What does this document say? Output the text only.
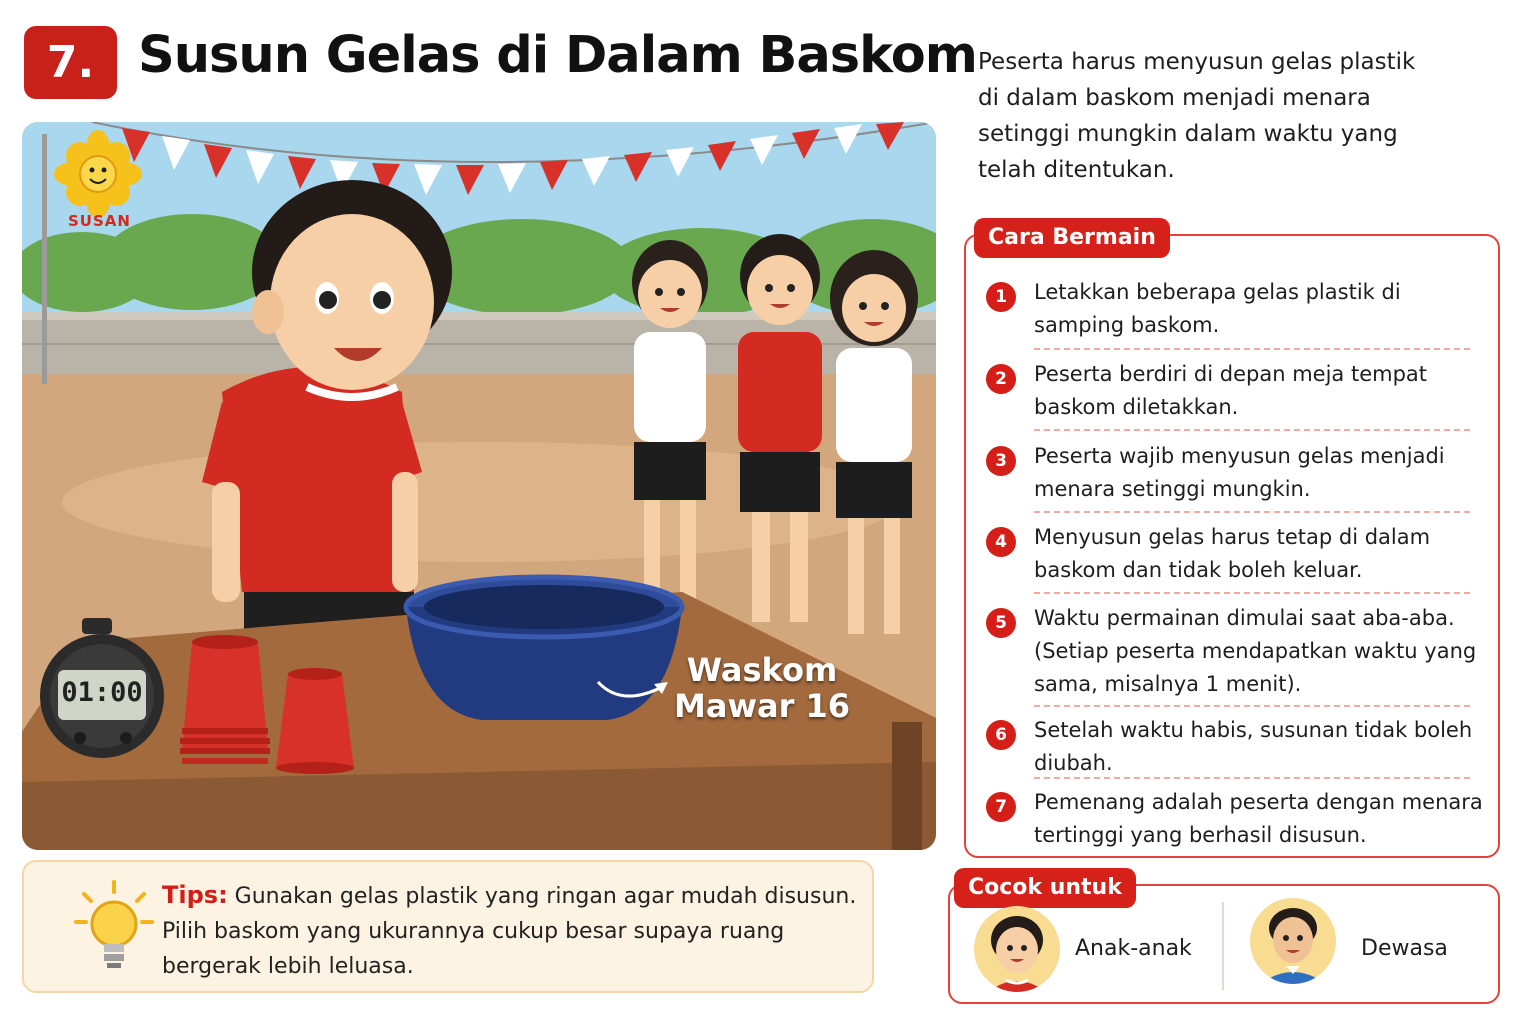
7. Susun Gelas di Dalam Baskom Peserta harus menyusun gelas plastik di dalam baskom menjadi menara setinggi mungkin dalam waktu yang telah ditentukan.

SUSAN
01:00
Waskom
Mawar 16

Tips: Gunakan gelas plastik yang ringan agar mudah disusun. Pilih baskom yang ukurannya cukup besar supaya ruang bergerak lebih leluasa.

Cara Bermain
1	Letakkan beberapa gelas plastik di samping baskom.
2	Peserta berdiri di depan meja tempat baskom diletakkan.
3	Peserta wajib menyusun gelas menjadi menara setinggi mungkin.
4	Menyusun gelas harus tetap di dalam baskom dan tidak boleh keluar.
5	Waktu permainan dimulai saat aba-aba. (Setiap peserta mendapatkan waktu yang sama, misalnya 1 menit).
6	Setelah waktu habis, susunan tidak boleh diubah.
7	Pemenang adalah peserta dengan menara tertinggi yang berhasil disusun.
Cocok untuk
Anak-anak	Dewasa
